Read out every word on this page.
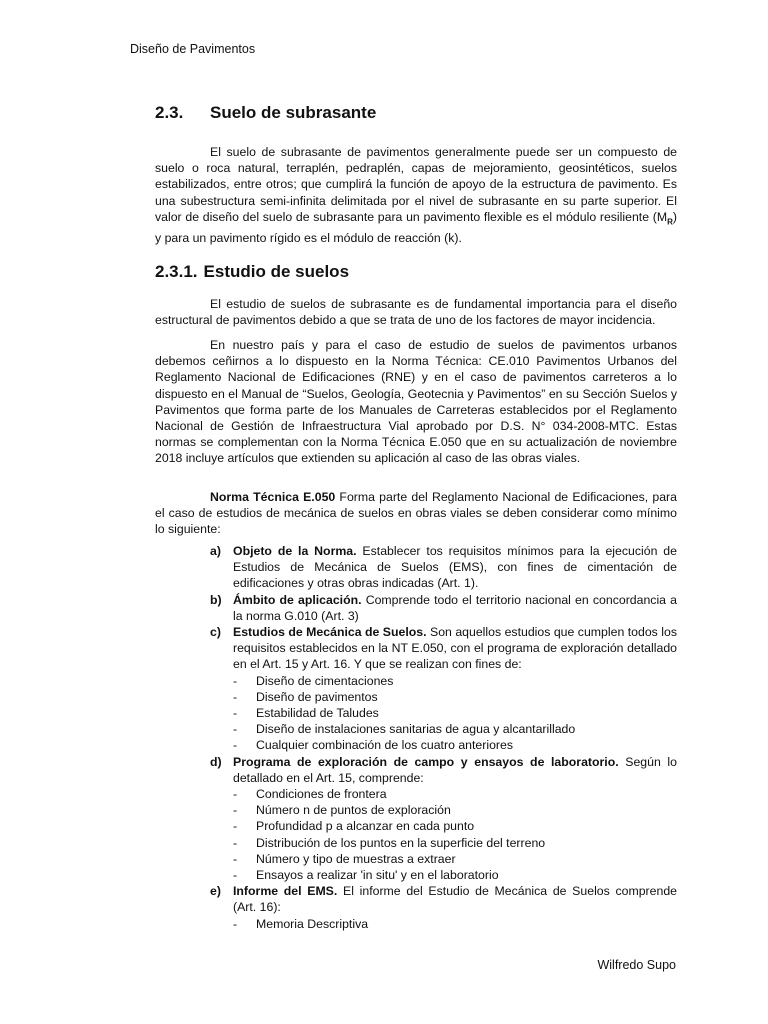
Diseño de Pavimentos
2.3. Suelo de subrasante

El suelo de subrasante de pavimentos generalmente puede ser un compuesto de suelo o roca natural, terraplén, pedraplén, capas de mejoramiento, geosintéticos, suelos estabilizados, entre otros; que cumplirá la función de apoyo de la estructura de pavimento. Es una subestructura semi-infinita delimitada por el nivel de subrasante en su parte superior. El valor de diseño del suelo de subrasante para un pavimento flexible es el módulo resiliente $(M_R)$ y para un pavimento rígido es el módulo de reacción (k).

2.3.1. Estudio de suelos

El estudio de suelos de subrasante es de fundamental importancia para el diseño estructural de pavimentos debido a que se trata de uno de los factores de mayor incidencia.

En nuestro país y para el caso de estudio de suelos de pavimentos urbanos debemos ceñirnos a lo dispuesto en la Norma Técnica: CE.010 Pavimentos Urbanos del Reglamento Nacional de Edificaciones (RNE) y en el caso de pavimentos carreteros a lo dispuesto en el Manual de “Suelos, Geología, Geotecnia y Pavimentos” en su Sección Suelos y Pavimentos que forma parte de los Manuales de Carreteras establecidos por el Reglamento Nacional de Gestión de Infraestructura Vial aprobado por D.S. N° 034-2008-MTC. Estas normas se complementan con la Norma Técnica E.050 que en su actualización de noviembre 2018 incluye artículos que extienden su aplicación al caso de las obras viales.

Norma Técnica E.050 Forma parte del Reglamento Nacional de Edificaciones, para el caso de estudios de mecánica de suelos en obras viales se deben considerar como mínimo lo siguiente:

a) Objeto de la Norma. Establecer tos requisitos mínimos para la ejecución de Estudios de Mecánica de Suelos (EMS), con fines de cimentación de edificaciones y otras obras indicadas (Art. 1).
b) Ámbito de aplicación. Comprende todo el territorio nacional en concordancia a la norma G.010 (Art. 3)
c) Estudios de Mecánica de Suelos. Son aquellos estudios que cumplen todos los requisitos establecidos en la NT E.050, con el programa de exploración detallado en el Art. 15 y Art. 16. Y que se realizan con fines de:
- Diseño de cimentaciones
- Diseño de pavimentos
- Estabilidad de Taludes
- Diseño de instalaciones sanitarias de agua y alcantarillado
- Cualquier combinación de los cuatro anteriores
d) Programa de exploración de campo y ensayos de laboratorio. Según lo detallado en el Art. 15, comprende:
- Condiciones de frontera
- Número n de puntos de exploración
- Profundidad p a alcanzar en cada punto
- Distribución de los puntos en la superficie del terreno
- Número y tipo de muestras a extraer
- Ensayos a realizar 'in situ' y en el laboratorio
e) Informe del EMS. El informe del Estudio de Mecánica de Suelos comprende (Art. 16):
- Memoria Descriptiva
Wilfredo Supo
